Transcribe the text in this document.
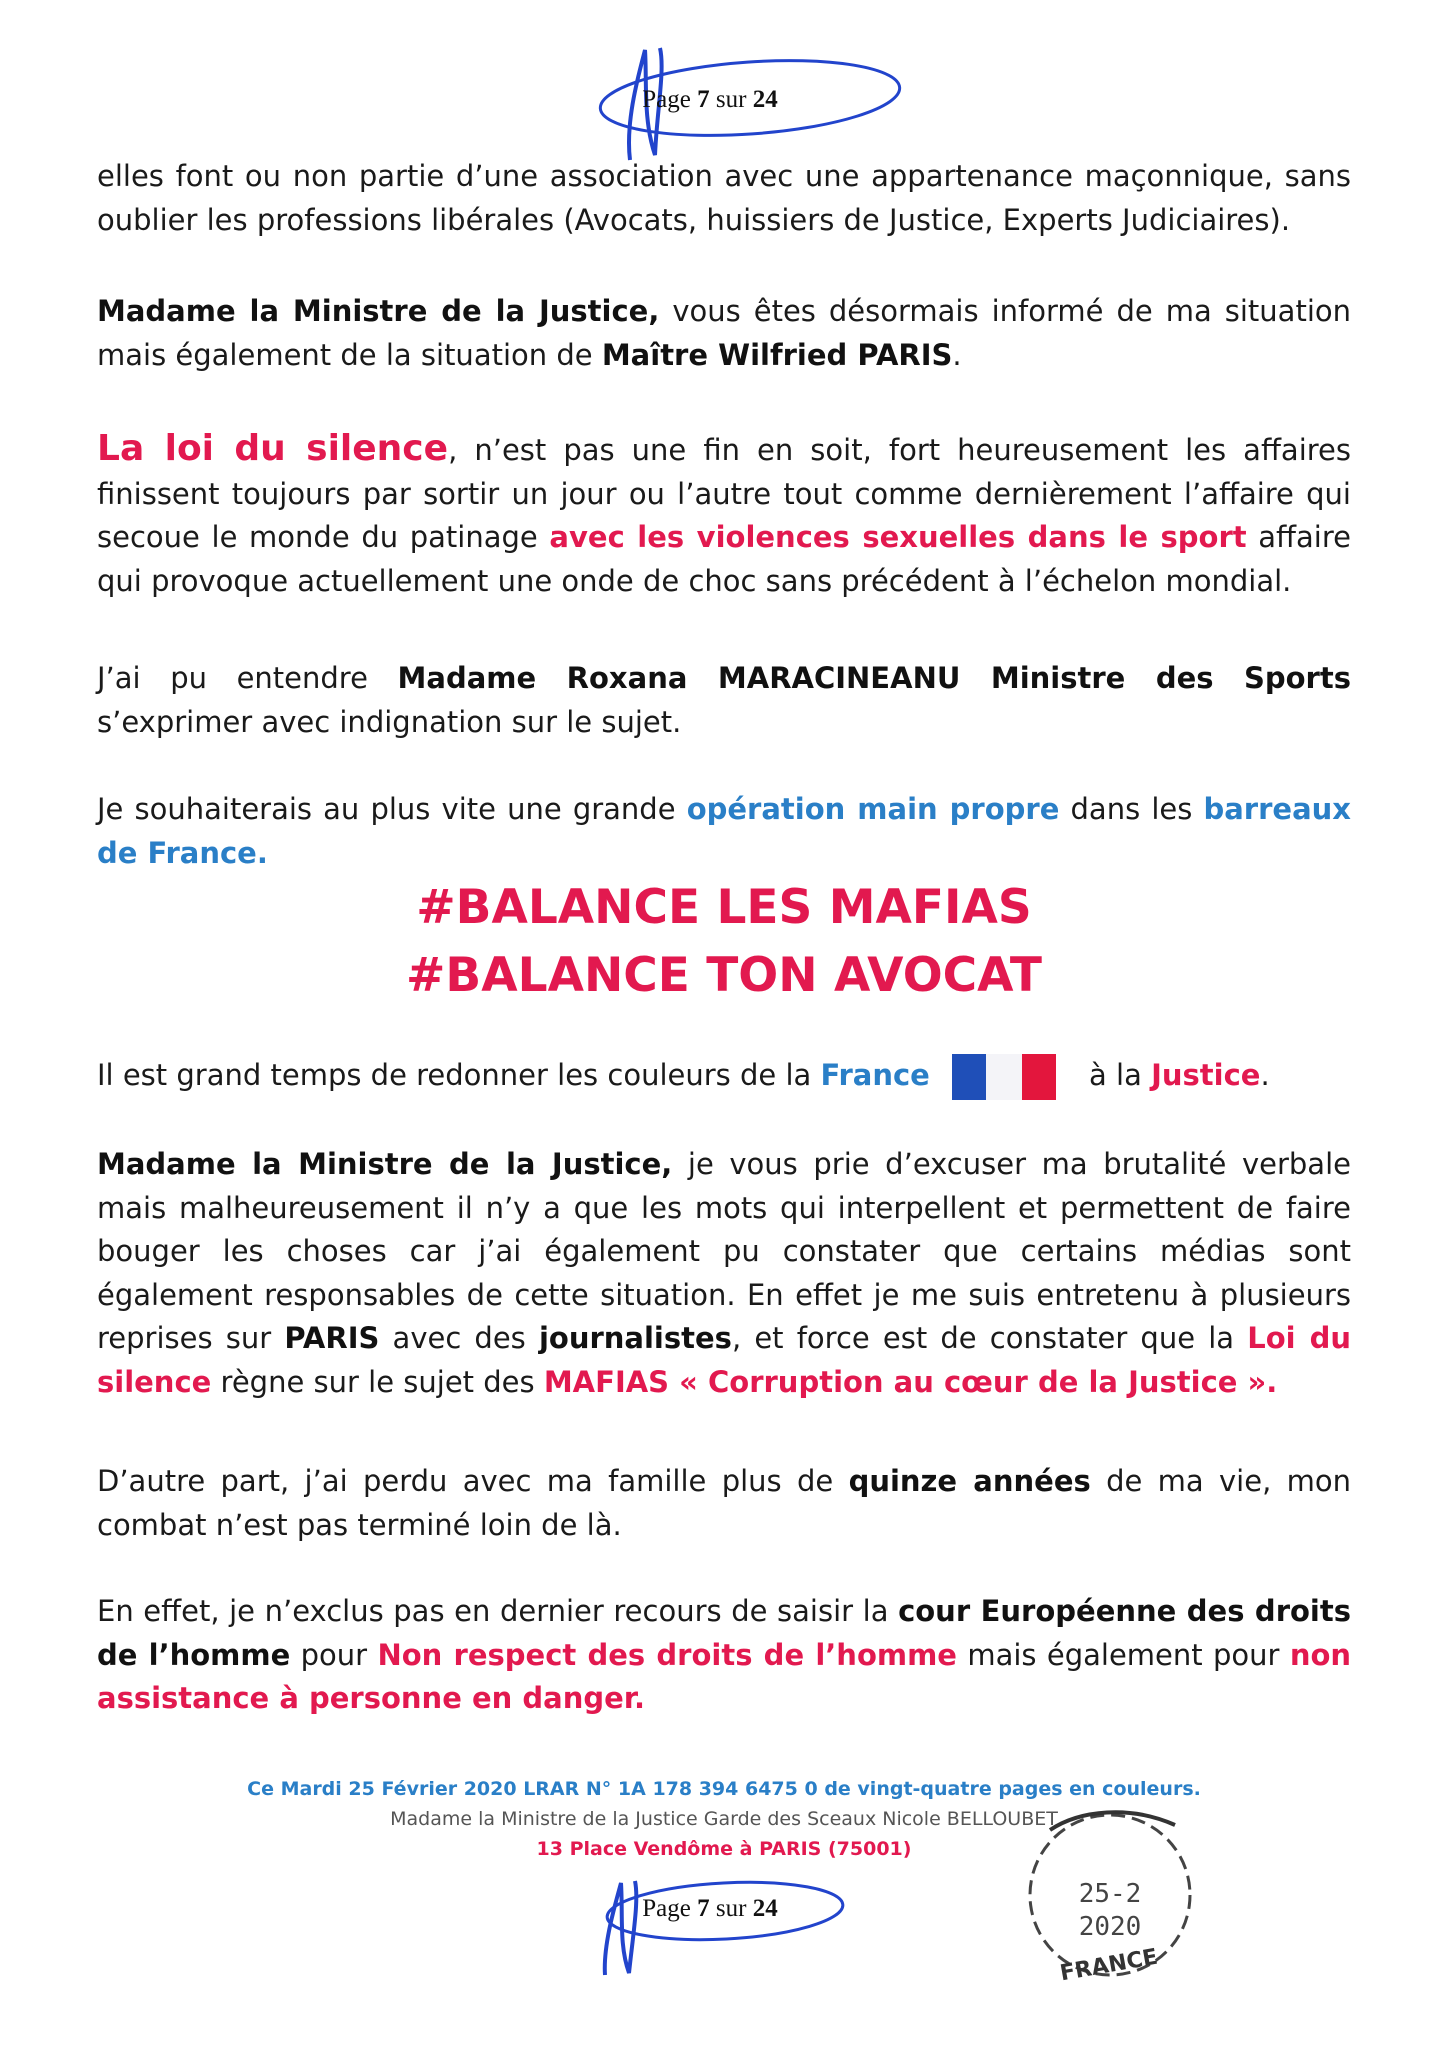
Page 7 sur 24
elles font ou non partie d’une association avec une appartenance maçonnique, sans oublier les professions libérales (Avocats, huissiers de Justice, Experts Judiciaires).
Madame la Ministre de la Justice, vous êtes désormais informé de ma situation mais également de la situation de Maître Wilfried PARIS.
La loi du silence, n’est pas une fin en soit, fort heureusement les affaires finissent toujours par sortir un jour ou l’autre tout comme dernièrement l’affaire qui secoue le monde du patinage avec les violences sexuelles dans le sport affaire qui provoque actuellement une onde de choc sans précédent à l’échelon mondial.
J’ai pu entendre Madame Roxana MARACINEANU Ministre des Sports s’exprimer avec indignation sur le sujet.
Je souhaiterais au plus vite une grande opération main propre dans les barreaux de France.
#BALANCE LES MAFIAS
#BALANCE TON AVOCAT
Il est grand temps de redonner les couleurs de la France	à la Justice.
Madame la Ministre de la Justice, je vous prie d’excuser ma brutalité verbale mais malheureusement il n’y a que les mots qui interpellent et permettent de faire bouger les choses car j’ai également pu constater que certains médias sont également responsables de cette situation. En effet je me suis entretenu à plusieurs reprises sur PARIS avec des journalistes, et force est de constater que la Loi du silence règne sur le sujet des MAFIAS « Corruption au cœur de la Justice ».
D’autre part, j’ai perdu avec ma famille plus de quinze années de ma vie, mon combat n’est pas terminé loin de là.
En effet, je n’exclus pas en dernier recours de saisir la cour Européenne des droits de l’homme pour Non respect des droits de l’homme mais également pour non assistance à personne en danger.
Ce Mardi 25 Février 2020 LRAR N° 1A 178 394 6475 0 de vingt-quatre pages en couleurs.
Madame la Ministre de la Justice Garde des Sceaux Nicole BELLOUBET
13 Place Vendôme à PARIS (75001)
25-2
2020
FRANCE
Page 7 sur 24
